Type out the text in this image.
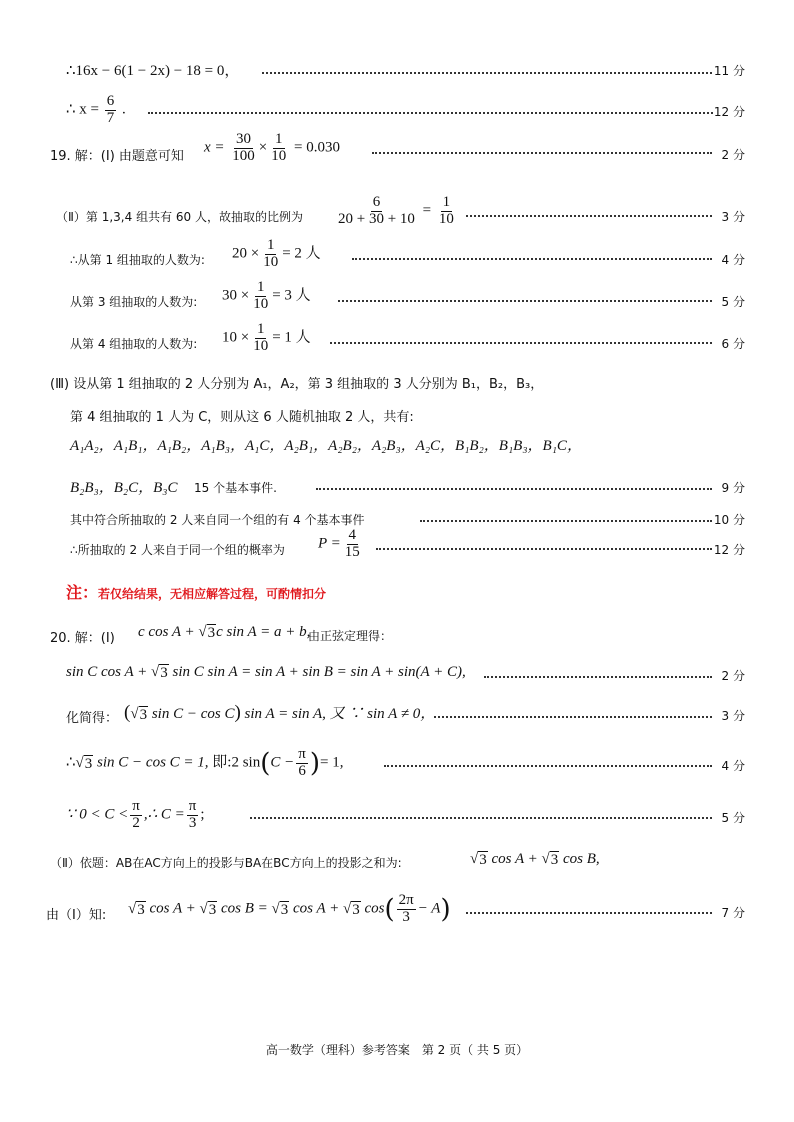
∴16x − 6(1 − 2x) − 18 = 0，	11 分
∴ $x = \frac{6}{7}$ .	12 分
19. 解：(Ⅰ) 由题意可知
$x = \frac{30}{100} \times \frac{1}{10} = 0.030$	2 分
（Ⅱ）第 1,3,4 组共有 60 人，故抽取的比例为 $\frac{6}{20 + 30 + 10} = \frac{1}{10}$	3 分
∴从第 1 组抽取的人数为: $20 \times \frac{1}{10} = 2$ 人	4 分
从第 3 组抽取的人数为: $30 \times \frac{1}{10} = 3$ 人	5 分
从第 4 组抽取的人数为: $10 \times \frac{1}{10} = 1$ 人	6 分
(Ⅲ) 设从第 1 组抽取的 2 人分别为 A₁，A₂，第 3 组抽取的 3 人分别为 B₁，B₂，B₃，
第 4 组抽取的 1 人为 C，则从这 6 人随机抽取 2 人，共有:
A₁A₂，A₁B₁，A₁B₂，A₁B₃，A₁C，A₂B₁，A₂B₂，A₂B₃，A₂C，B₁B₂，B₁B₃，B₁C，
B₂B₃，B₂C，B₃C 15 个基本事件.	9 分
其中符合所抽取的 2 人来自同一个组的有 4 个基本事件	10 分
∴所抽取的 2 人来自于同一个组的概率为 $P = \frac{4}{15}$	12 分
注：若仅给结果，无相应解答过程，可酌情扣分
20. 解：(Ⅰ) c cos A + √ 3 c sin A = a + b,
由正弦定理得：
sin C cos A + √ 3 sin C sin A = sin A + sin B = sin A + sin(A + C),	2 分
化简得： (√ 3 sin C − cos C) sin A = sin A, 又 ∵ sin A ≠ 0，	3 分
∴√ 3 sin C − cos C = 1, 即:2 $\sin(C - \frac{\pi}{6}$ )= 1,	4 分
∵ $0 < C < \frac{\pi}{2}$ ,∴ $C = \frac{\pi}{3}$ ;	5 分
（Ⅱ）依题：AB在AC方向上的投影与BA在BC方向上的投影之和为:	√ 3 cos A + √ 3 cos B,
由（Ⅰ）知: √ 3 cos A + √ 3 cos B = √ 3 cos A + √ 3 $\cos( \frac{2\pi}{3} - A)$	7 分
高一数学（理科）参考答案　第 2 页（ 共 5 页）
